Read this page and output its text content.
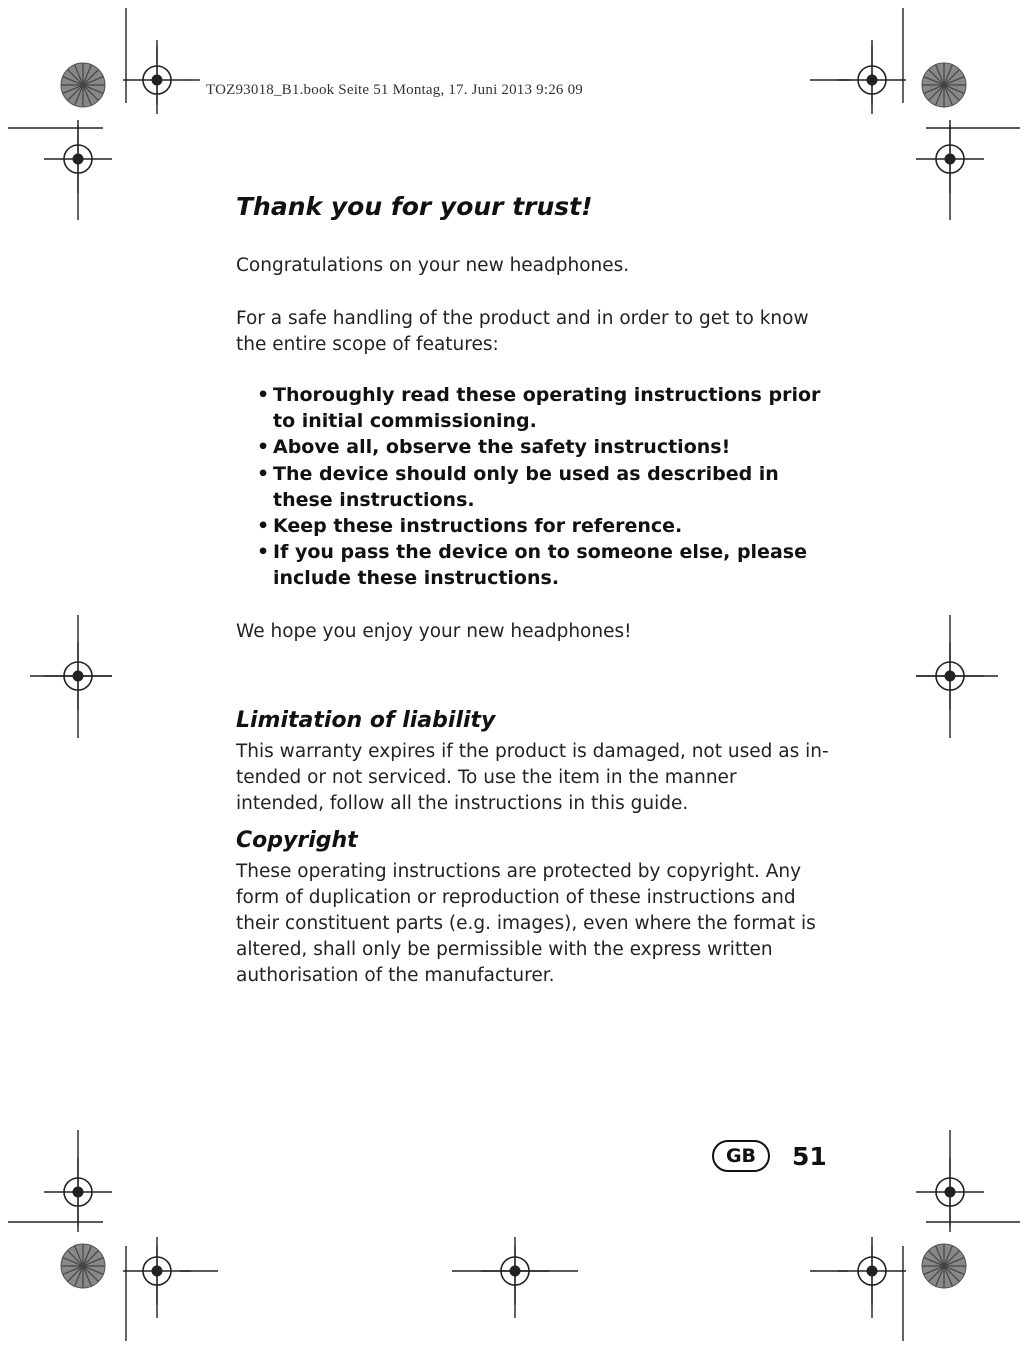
TOZ93018_B1.book Seite 51 Montag, 17. Juni 2013 9:26 09
Thank you for your trust!

Congratulations on your new headphones.

For a safe handling of the product and in order to get to know the entire scope of features:

• Thoroughly read these operating instructions prior to initial commissioning.
• Above all, observe the safety instructions!
• The device should only be used as described in these instructions.
• Keep these instructions for reference.
• If you pass the device on to someone else, please include these instructions.

We hope you enjoy your new headphones!

Limitation of liability

This warranty expires if the product is damaged, not used as intended or not serviced. To use the item in the manner intended, follow all the instructions in this guide.

Copyright

These operating instructions are protected by copyright. Any form of duplication or reproduction of these instructions and their constituent parts (e.g. images), even where the format is altered, shall only be permissible with the express written authorisation of the manufacturer.

GB	51
